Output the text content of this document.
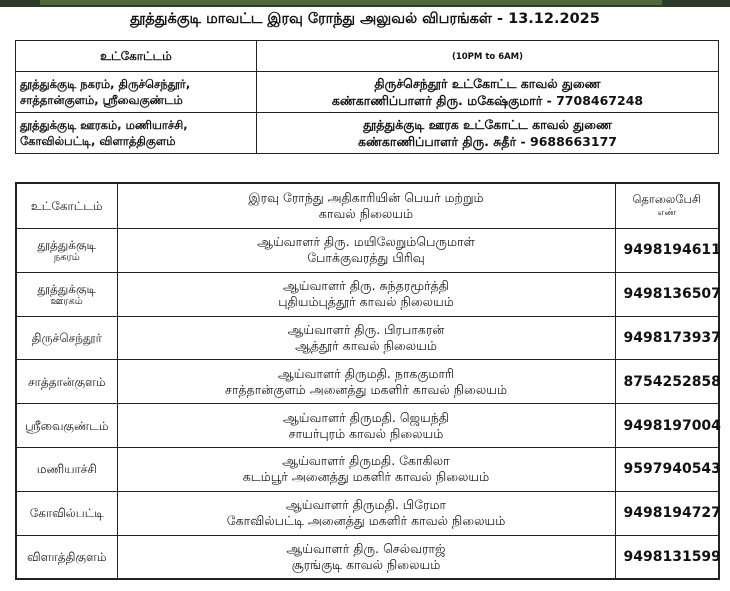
தூத்துக்குடி மாவட்ட இரவு ரோந்து அலுவல் விபரங்கள் - 13.12.2025
உட்கோட்டம்	(10PM to 6AM)

தூத்துக்குடி நகரம், திருச்செந்தூர்,
சாத்தான்குளம், ஸ்ரீவைகுண்டம்	திருச்செந்தூர் உட்கோட்ட காவல் துணை
கண்காணிப்பாளர் திரு. மகேஷ்குமார் - 7708467248

தூத்துக்குடி ஊரகம், மணியாச்சி,
கோவில்பட்டி, விளாத்திகுளம்	தூத்துக்குடி ஊரக உட்கோட்ட காவல் துணை
கண்காணிப்பாளர் திரு. சுதீர் - 9688663177
உட்கோட்டம்	இரவு ரோந்து அதிகாரியின் பெயர் மற்றும்
காவல் நிலையம்	தொலைபேசி
எண்

தூத்துக்குடி
நகரம்	ஆய்வாளர் திரு. மயிலேறும்பெருமாள்
போக்குவரத்து பிரிவு	9498194611

தூத்துக்குடி
ஊரகம்	ஆய்வாளர் திரு. சுந்தரமூர்த்தி
புதியம்புத்தூர் காவல் நிலையம்	9498136507
திருச்செந்தூர்	ஆய்வாளர் திரு. பிரபாகரன்
ஆத்தூர் காவல் நிலையம்	9498173937
சாத்தான்குளம்	ஆய்வாளர் திருமதி. நாககுமாரி
சாத்தான்குளம் அனைத்து மகளிர் காவல் நிலையம்	8754252858
ஸ்ரீவைகுண்டம்	ஆய்வாளர் திருமதி. ஜெயந்தி
சாயர்புரம் காவல் நிலையம்	9498197004
மணியாச்சி	ஆய்வாளர் திருமதி. கோகிலா
கடம்பூர் அனைத்து மகளிர் காவல் நிலையம்	9597940543
கோவில்பட்டி	ஆய்வாளர் திருமதி. பிரேமா
கோவில்பட்டி அனைத்து மகளிர் காவல் நிலையம்	9498194727
விளாத்திகுளம்	ஆய்வாளர் திரு. செல்வராஜ்
சூரங்குடி காவல் நிலையம்	9498131599
